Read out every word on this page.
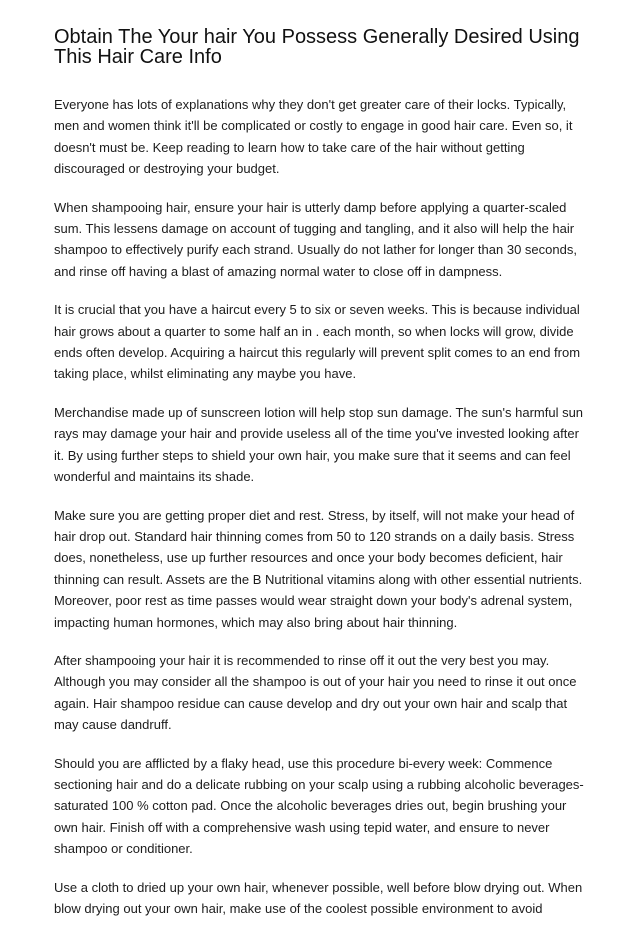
Obtain The Your hair You Possess Generally Desired Using This Hair Care Info

Everyone has lots of explanations why they don't get greater care of their locks. Typically, men and women think it'll be complicated or costly to engage in good hair care. Even so, it doesn't must be. Keep reading to learn how to take care of the hair without getting discouraged or destroying your budget.

When shampooing hair, ensure your hair is utterly damp before applying a quarter-scaled sum. This lessens damage on account of tugging and tangling, and it also will help the hair shampoo to effectively purify each strand. Usually do not lather for longer than 30 seconds, and rinse off having a blast of amazing normal water to close off in dampness.

It is crucial that you have a haircut every 5 to six or seven weeks. This is because individual hair grows about a quarter to some half an in . each month, so when locks will grow, divide ends often develop. Acquiring a haircut this regularly will prevent split comes to an end from taking place, whilst eliminating any maybe you have.

Merchandise made up of sunscreen lotion will help stop sun damage. The sun's harmful sun rays may damage your hair and provide useless all of the time you've invested looking after it. By using further steps to shield your own hair, you make sure that it seems and can feel wonderful and maintains its shade.

Make sure you are getting proper diet and rest. Stress, by itself, will not make your head of hair drop out. Standard hair thinning comes from 50 to 120 strands on a daily basis. Stress does, nonetheless, use up further resources and once your body becomes deficient, hair thinning can result. Assets are the B Nutritional vitamins along with other essential nutrients. Moreover, poor rest as time passes would wear straight down your body's adrenal system, impacting human hormones, which may also bring about hair thinning.

After shampooing your hair it is recommended to rinse off it out the very best you may. Although you may consider all the shampoo is out of your hair you need to rinse it out once again. Hair shampoo residue can cause develop and dry out your own hair and scalp that may cause dandruff.

Should you are afflicted by a flaky head, use this procedure bi-every week: Commence sectioning hair and do a delicate rubbing on your scalp using a rubbing alcoholic beverages-saturated 100 % cotton pad. Once the alcoholic beverages dries out, begin brushing your own hair. Finish off with a comprehensive wash using tepid water, and ensure to never shampoo or conditioner.

Use a cloth to dried up your own hair, whenever possible, well before blow drying out. When blow drying out your own hair, make use of the coolest possible environment to avoid
